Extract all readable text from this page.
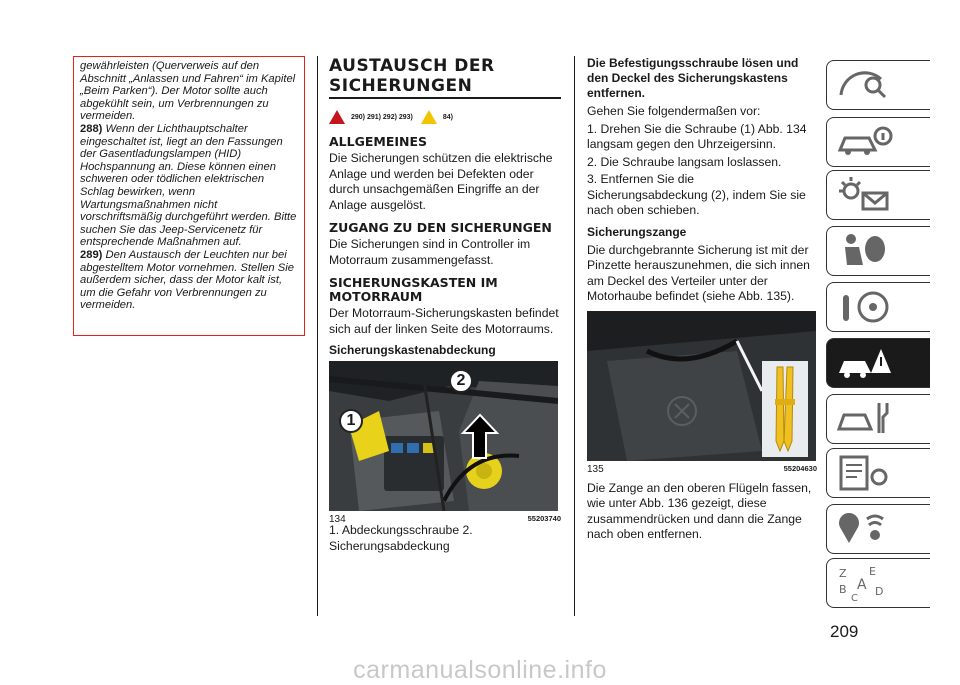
gewährleisten (Querverweis auf den Abschnitt „Anlassen und Fahren“ im Kapitel „Beim Parken“). Der Motor sollte auch abgekühlt sein, um Verbrennungen zu vermeiden.

288) Wenn der Lichthauptschalter eingeschaltet ist, liegt an den Fassungen der Gasentladungslampen (HID) Hochspannung an. Diese können einen schweren oder tödlichen elektrischen Schlag bewirken, wenn Wartungsmaßnahmen nicht vorschriftsmäßig durchgeführt werden. Bitte suchen Sie das Jeep-Servicenetz für entsprechende Maßnahmen auf.

289) Den Austausch der Leuchten nur bei abgestelltem Motor vornehmen. Stellen Sie außerdem sicher, dass der Motor kalt ist, um die Gefahr von Verbrennungen zu vermeiden.

AUSTAUSCH DER SICHERUNGEN
290) 291) 292) 293)	84)
ALLGEMEINES

Die Sicherungen schützen die elektrische Anlage und werden bei Defekten oder durch unsachgemäßen Eingriffe an der Anlage ausgelöst.

ZUGANG ZU DEN SICHERUNGEN

Die Sicherungen sind in Controller im Motorraum zusammengefasst.

SICHERUNGSKASTEN IM MOTORRAUM

Der Motorraum-Sicherungskasten befindet sich auf der linken Seite des Motorraums.

Sicherungskastenabdeckung
1
2
134	55203740

1. Abdeckungsschraube 2. Sicherungsabdeckung

Die Befestigungsschraube lösen und den Deckel des Sicherungskastens entfernen.

Gehen Sie folgendermaßen vor:

1. Drehen Sie die Schraube (1) Abb. 134 langsam gegen den Uhrzeigersinn.

2. Die Schraube langsam loslassen.

3. Entfernen Sie die Sicherungsabdeckung (2), indem Sie sie nach oben schieben.

Sicherungszange

Die durchgebrannte Sicherung ist mit der Pinzette herauszunehmen, die sich innen am Deckel des Verteiler unter der Motorhaube befindet (siehe Abb. 135).

135	55204630

Die Zange an den oberen Flügeln fassen, wie unter Abb. 136 gezeigt, diese zusammendrücken und dann die Zange nach oben entfernen.

Z E
B A D
C
209
carmanualsonline.info
